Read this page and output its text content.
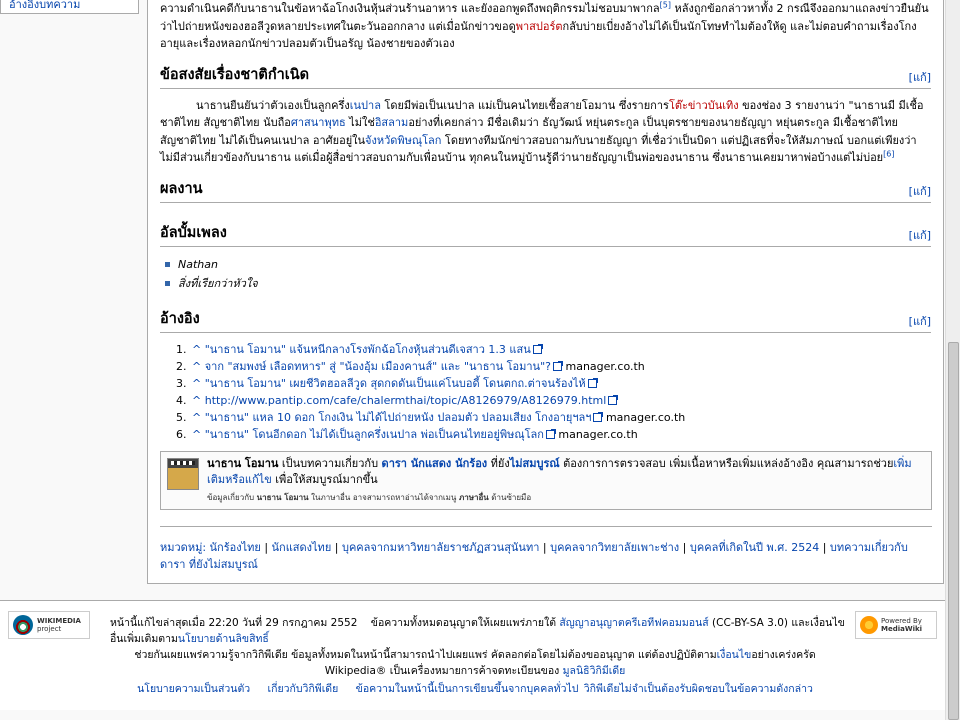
อ้างอิงบทความ	ความดำเนินคดีกับนาธานในข้อหาฉ้อโกงเงินหุ้นส่วนร้านอาหาร และยังออกพูดถึงพฤติกรรมไม่ชอบมาพากล[5] หลังถูกข้อกล่าวหาทั้ง 2 กรณีจึงออกมาแถลงข่าวยืนยันว่าไปถ่ายหนังของฮอลีวูดหลายประเทศในตะวันออกกลาง แต่เมื่อนักข่าวขอดูพาสปอร์ตกลับบ่ายเบี่ยงอ้างไม่ได้เป็นนักโทษทำไมต้องให้ดู และไม่ตอบคำถามเรื่องโกงอายุและเรื่องหลอกนักข่าวปลอมตัวเป็นอรัญ น้องชายของตัวเอง

ข้อสงสัยเรื่องชาติกำเนิด	[แก้]

นาธานยืนยันว่าตัวเองเป็นลูกครึ่งเนปาล โดยมีพ่อเป็นเนปาล แม่เป็นคนไทยเชื้อสายโอมาน ซึ่งรายการโต๊ะข่าวบันเทิง ของช่อง 3 รายงานว่า "นาธานมี มีเชื้อชาติไทย สัญชาติไทย นับถือศาสนาพุทธ ไม่ใช่อิสลามอย่างที่เคยกล่าว มีชื่อเดิมว่า ธัญวัฒน์ หยุ่นตระกูล เป็นบุตรชายของนายธัญญา หยุ่นตระกูล มีเชื้อชาติไทย สัญชาติไทย ไม่ได้เป็นคนเนปาล อาศัยอยู่ในจังหวัดพิษณุโลก โดยทางทีมนักข่าวสอบถามกับนายธัญญา ที่เชื่อว่าเป็นบิดา แต่ปฏิเสธที่จะให้สัมภาษณ์ บอกแต่เพียงว่าไม่มีส่วนเกี่ยวข้องกับนาธาน แต่เมื่อผู้สื่อข่าวสอบถามกับเพื่อนบ้าน ทุกคนในหมู่บ้านรู้ดีว่านายธัญญาเป็นพ่อของนาธาน ซึ่งนาธานเคยมาหาพ่อบ้างแต่ไม่บ่อย[6]

ผลงาน	[แก้]
อัลบั้มเพลง	[แก้]
Nathan
สิ่งที่เรียกว่าหัวใจ
อ้างอิง	[แก้]
1. ^ "นาธาน โอมาน" แจ้นหนีกลางโรงพักฉ้อโกงหุ้นส่วนดีเจสาว 1.3 แสน
2. ^ จาก "สมพงษ์ เลือดทหาร" สู่ "น้องอุ้ม เมืองคานส์" และ "นาธาน โอมาน"? manager.co.th
3. ^ "นาธาน โอมาน" เผยชีวิตฮอลลีวูด สุดกดดันเป็นแค่โนบอดี้ โดนตกถ.ต่าจนร้องไห้
4. ^ http://www.pantip.com/cafe/chalermthai/topic/A8126979/A8126979.html
5. ^ "นาธาน" แหล 10 ดอก โกงเงิน ไม่ได้ไปถ่ายหนัง ปลอมตัว ปลอมเสียง โกงอายุฯลฯ manager.co.th
6. ^ "นาธาน" โดนอีกดอก ไม่ได้เป็นลูกครึ่งเนปาล พ่อเป็นคนไทยอยู่พิษณุโลก manager.co.th
นาธาน โอมาน เป็นบทความเกี่ยวกับ ดารา นักแสดง นักร้อง ที่ยังไม่สมบูรณ์ ต้องการการตรวจสอบ เพิ่มเนื้อหาหรือเพิ่มแหล่งอ้างอิง คุณสามารถช่วยเพิ่มเติมหรือแก้ไข เพื่อให้สมบูรณ์มากขึ้น
ข้อมูลเกี่ยวกับ นาธาน โอมาน ในภาษาอื่น อาจสามารถหาอ่านได้จากเมนู ภาษาอื่น ด้านซ้ายมือ
หมวดหมู่: นักร้องไทย | นักแสดงไทย | บุคคลจากมหาวิทยาลัยราชภัฏสวนสุนันทา | บุคคลจากวิทยาลัยเพาะช่าง | บุคคลที่เกิดในปี พ.ศ. 2524 | บทความเกี่ยวกับ ดารา ที่ยังไม่สมบูรณ์
WIKIMEDIA
project	หน้านี้แก้ไขล่าสุดเมื่อ 22:20 วันที่ 29 กรกฎาคม 2552 ข้อความทั้งหมดอนุญาตให้เผยแพร่ภายใต้ สัญญาอนุญาตครีเอทีฟคอมมอนส์ (CC-BY-SA 3.0) และเงื่อนไขอื่นเพิ่มเติมตามนโยบายด้านลิขสิทธิ์
ช่วยกันเผยแพร่ความรู้จากวิกิพีเดีย ข้อมูลทั้งหมดในหน้านี้สามารถนำไปเผยแพร่ คัดลอกต่อโดยไม่ต้องขออนุญาต แต่ต้องปฏิบัติตามเงื่อนไขอย่างเคร่งครัด
Wikipedia® เป็นเครื่องหมายการค้าจดทะเบียนของ มูลนิธิวิกิมีเดีย
นโยบายความเป็นส่วนตัว เกี่ยวกับวิกิพีเดีย ข้อความในหน้านี้เป็นการเขียนขึ้นจากบุคคลทั่วไป วิกิพีเดียไม่จำเป็นต้องรับผิดชอบในข้อความดังกล่าว
Powered By
MediaWiki
